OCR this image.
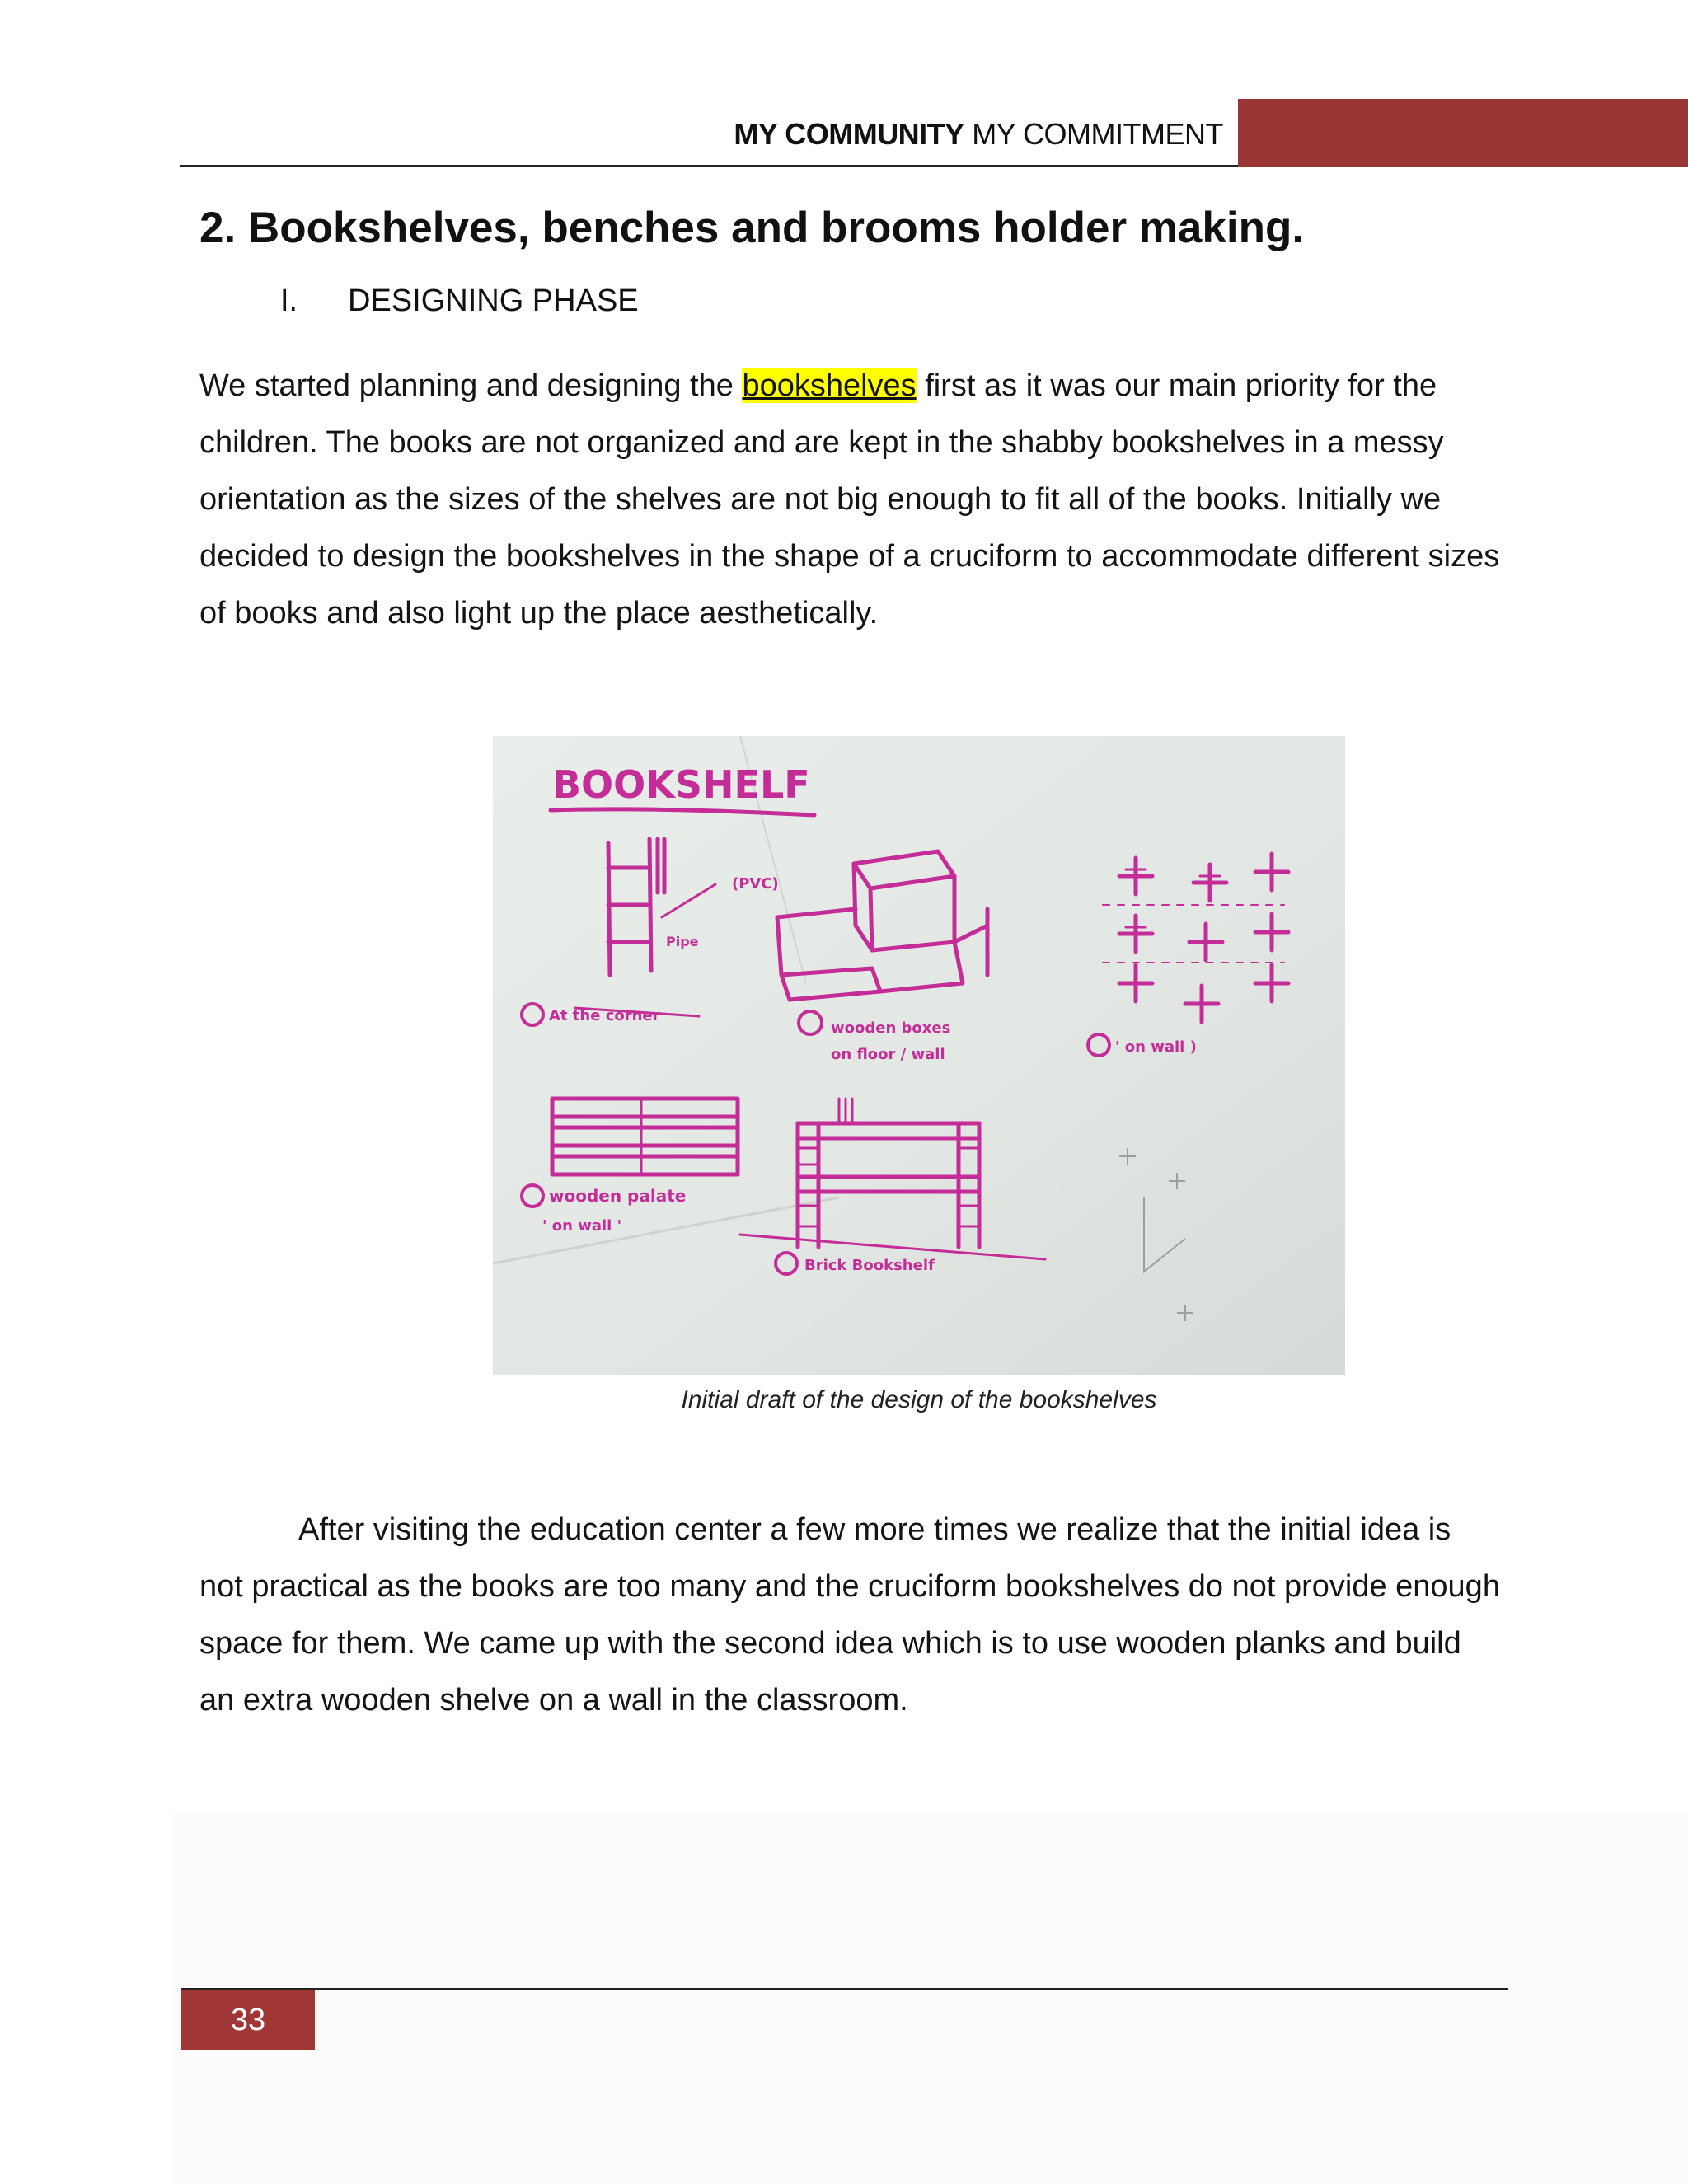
MY COMMUNITY MY COMMITMENT
2. Bookshelves, benches and brooms holder making.
I. DESIGNING PHASE
We started planning and designing the bookshelves first as it was our main priority for the children. The books are not organized and are kept in the shabby bookshelves in a messy orientation as the sizes of the shelves are not big enough to fit all of the books. Initially we decided to design the bookshelves in the shape of a cruciform to accommodate different sizes of books and also light up the place aesthetically.
BOOKSHELF
Pipe
(PVC)
At the corner
wooden boxes
on floor / wall	' on wall )
wooden palate
' on wall '
Brick Bookshelf
Initial draft of the design of the bookshelves
After visiting the education center a few more times we realize that the initial idea is not practical as the books are too many and the cruciform bookshelves do not provide enough space for them. We came up with the second idea which is to use wooden planks and build an extra wooden shelve on a wall in the classroom.
33
